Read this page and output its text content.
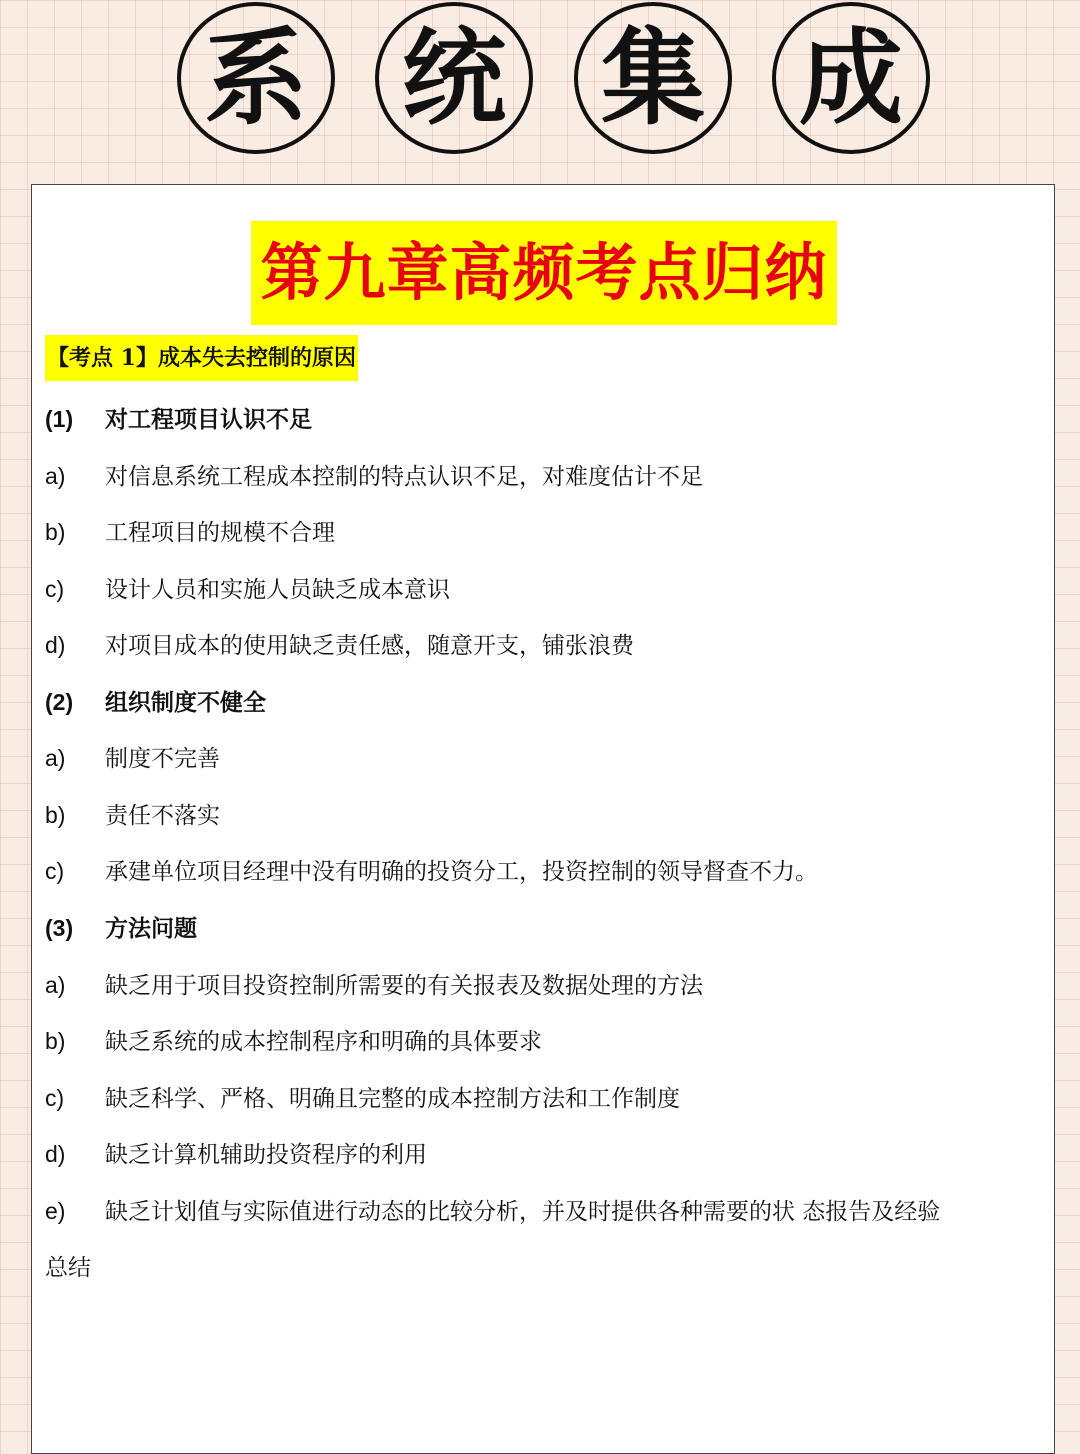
系 统 集 成
第九章高频考点归纳
【考点 1】成本失去控制的原因
(1) 对工程项目认识不足
a) 对信息系统工程成本控制的特点认识不足，对难度估计不足
b) 工程项目的规模不合理
c) 设计人员和实施人员缺乏成本意识
d) 对项目成本的使用缺乏责任感，随意开支，铺张浪费
(2) 组织制度不健全
a) 制度不完善
b) 责任不落实
c) 承建单位项目经理中没有明确的投资分工，投资控制的领导督查不力。
(3) 方法问题
a) 缺乏用于项目投资控制所需要的有关报表及数据处理的方法
b) 缺乏系统的成本控制程序和明确的具体要求
c) 缺乏科学、严格、明确且完整的成本控制方法和工作制度
d) 缺乏计算机辅助投资程序的利用
e) 缺乏计划值与实际值进行动态的比较分析，并及时提供各种需要的状 态报告及经验
总结
